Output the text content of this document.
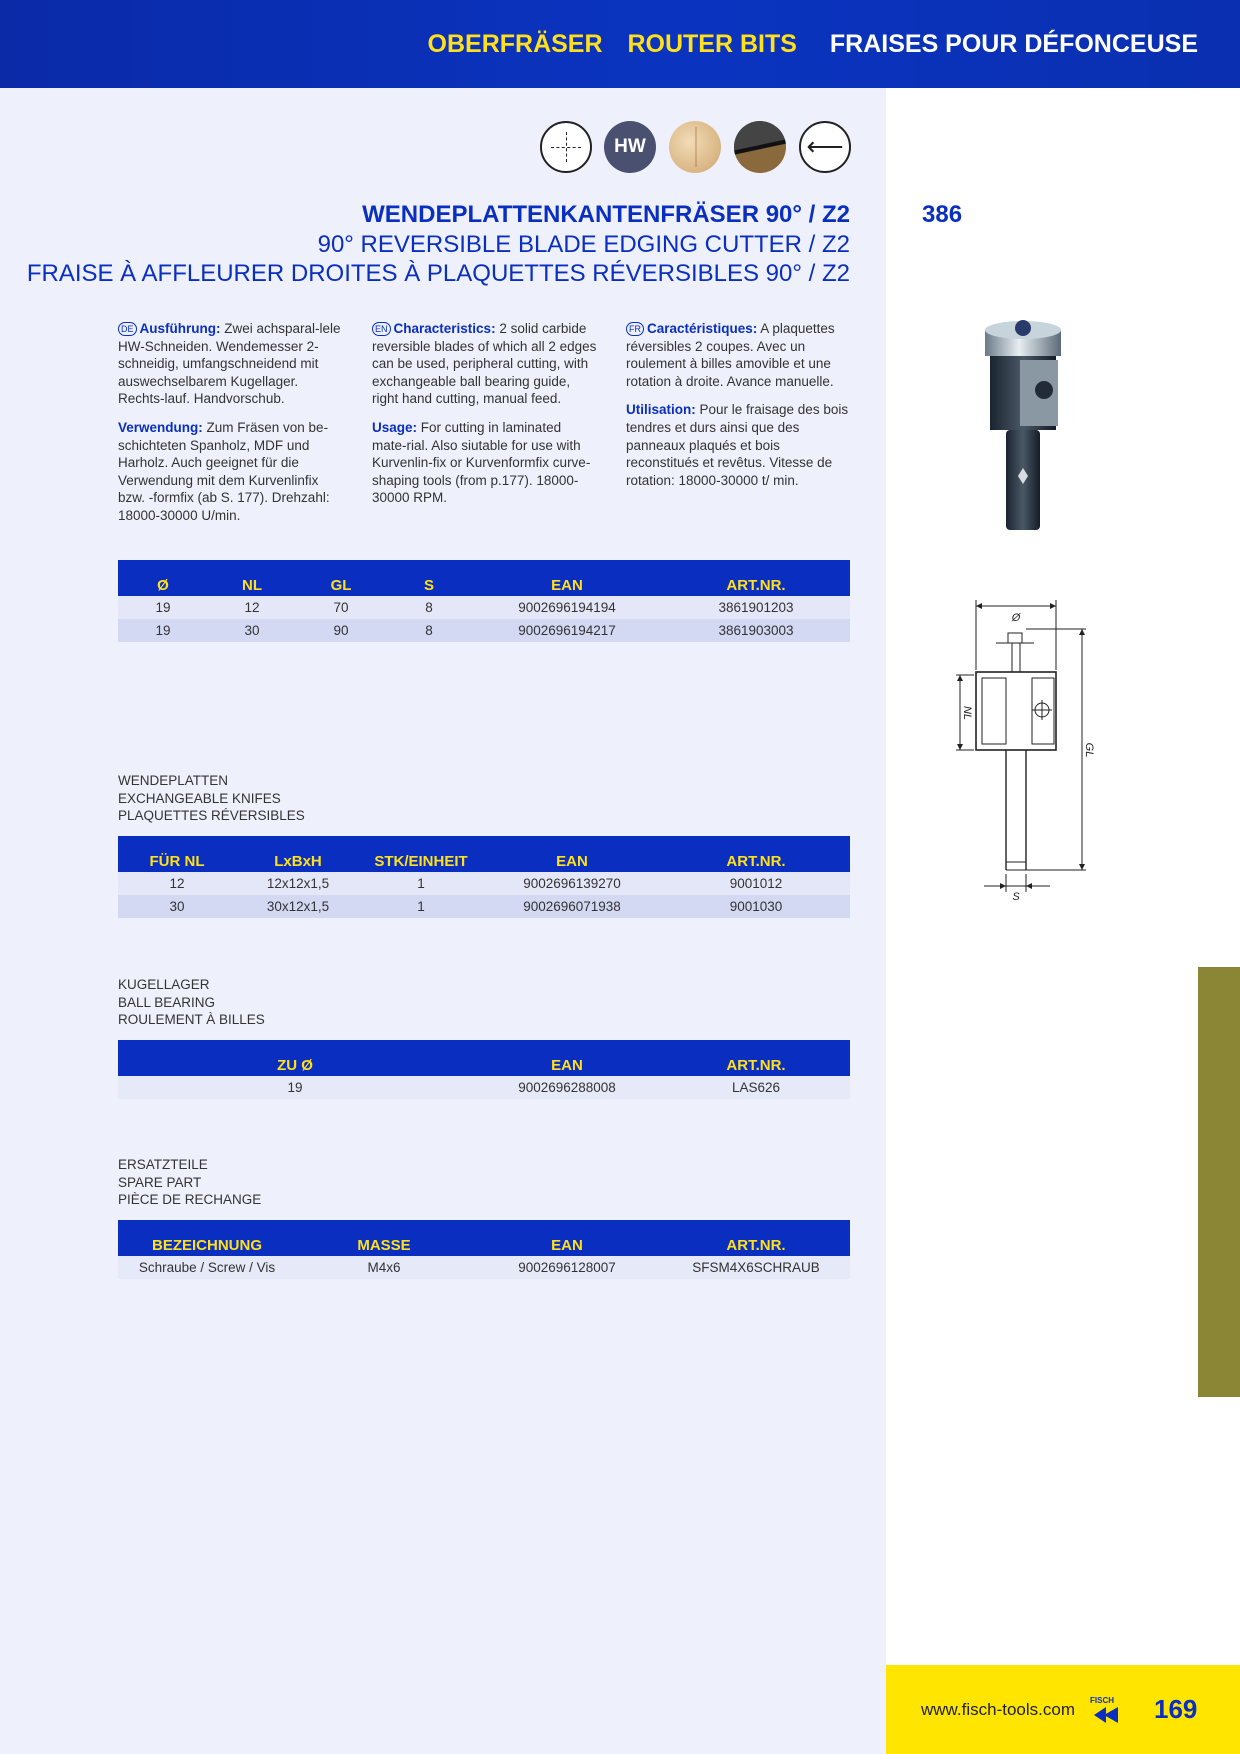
OBERFRÄSER ROUTER BITS FRAISES POUR DÉFONCEUSE
HW	⟵
WENDEPLATTENKANTENFRÄSER 90° / Z2
90° REVERSIBLE BLADE EDGING CUTTER / Z2
FRAISE À AFFLEURER DROITES À PLAQUETTES RÉVERSIBLES 90° / Z2
386

DE Ausführung: Zwei achsparal-lele HW-Schneiden. Wendemesser 2-schneidig, umfangschneidend mit auswechselbarem Kugellager. Rechts-lauf. Handvorschub.

Verwendung: Zum Fräsen von be-schichteten Spanholz, MDF und Harholz. Auch geeignet für die Verwendung mit dem Kurvenlinfix bzw. -formfix (ab S. 177). Drehzahl: 18000-30000 U/min.

EN Characteristics: 2 solid carbide reversible blades of which all 2 edges can be used, peripheral cutting, with exchangeable ball bearing guide, right hand cutting, manual feed.

Usage: For cutting in laminated mate-rial. Also siutable for use with Kurvenlin-fix or Kurvenformfix curve-shaping tools (from p.177). 18000-30000 RPM.

FR Caractéristiques: A plaquettes réversibles 2 coupes. Avec un roulement à billes amovible et une rotation à droite. Avance manuelle.

Utilisation: Pour le fraisage des bois tendres et durs ainsi que des panneaux plaqués et bois reconstitués et revêtus. Vitesse de rotation: 18000-30000 t/ min.

Ø	NL	GL	S	EAN	ART.NR.
19	12	70	8	9002696194194	3861901203
19	30	90	8	9002696194217	3861903003
WENDEPLATTEN
EXCHANGEABLE KNIFES
PLAQUETTES RÉVERSIBLES
FÜR NL	LxBxH	STK/EINHEIT	EAN	ART.NR.
12	12x12x1,5	1	9002696139270	9001012
30	30x12x1,5	1	9002696071938	9001030
KUGELLAGER
BALL BEARING
ROULEMENT À BILLES
ZU Ø	EAN	ART.NR.
19	9002696288008	LAS626
ERSATZTEILE
SPARE PART
PIÈCE DE RECHANGE
BEZEICHNUNG	MASSE	EAN	ART.NR.
Schraube / Screw / Vis	M4x6	9002696128007	SFSM4X6SCHRAUB
Ø
NL
GL
S
www.fisch-tools.com FISCH 169
